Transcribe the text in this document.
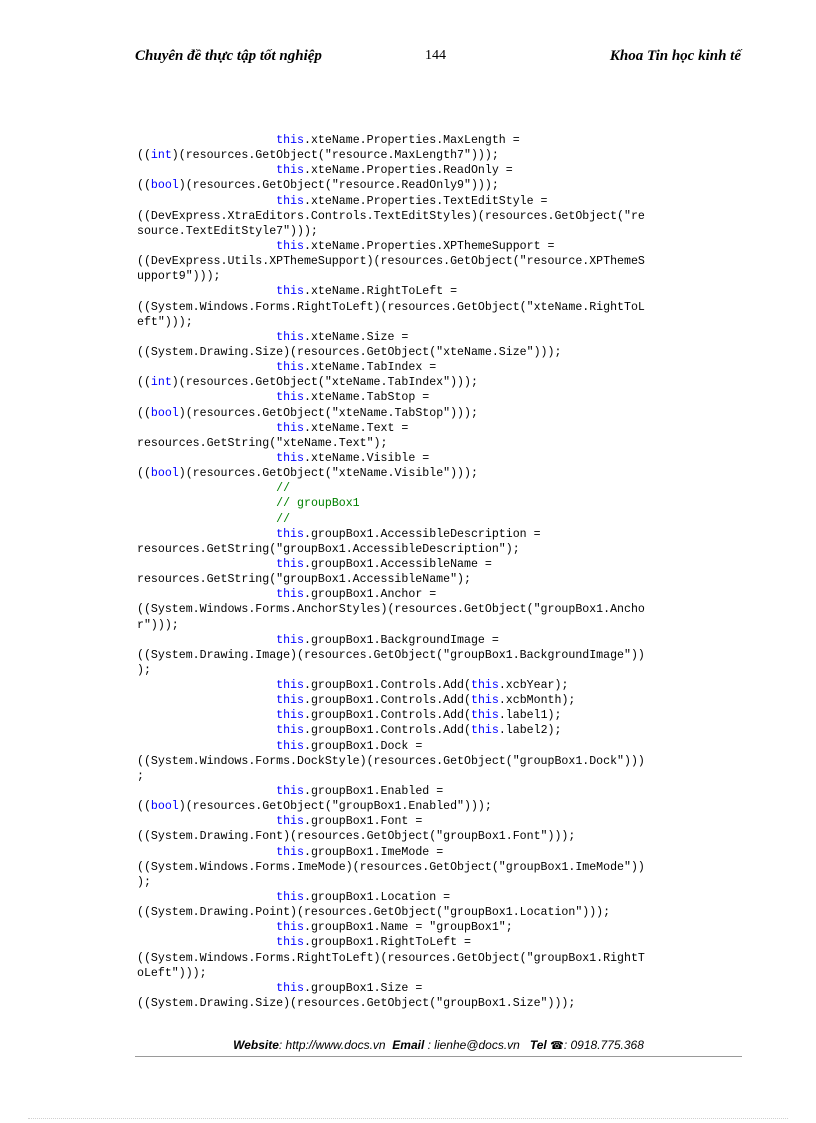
Chuyên đề thực tập tốt nghiệp	144	Khoa Tin học kinh tế
this.xteName.Properties.MaxLength =
((int)(resources.GetObject("resource.MaxLength7")));
this.xteName.Properties.ReadOnly =
((bool)(resources.GetObject("resource.ReadOnly9")));
this.xteName.Properties.TextEditStyle =
((DevExpress.XtraEditors.Controls.TextEditStyles)(resources.GetObject("re
source.TextEditStyle7")));
this.xteName.Properties.XPThemeSupport =
((DevExpress.Utils.XPThemeSupport)(resources.GetObject("resource.XPThemeS
upport9")));
this.xteName.RightToLeft =
((System.Windows.Forms.RightToLeft)(resources.GetObject("xteName.RightToL
eft")));
this.xteName.Size =
((System.Drawing.Size)(resources.GetObject("xteName.Size")));
this.xteName.TabIndex =
((int)(resources.GetObject("xteName.TabIndex")));
this.xteName.TabStop =
((bool)(resources.GetObject("xteName.TabStop")));
this.xteName.Text =
resources.GetString("xteName.Text");
this.xteName.Visible =
((bool)(resources.GetObject("xteName.Visible")));
//
// groupBox1
//
this.groupBox1.AccessibleDescription =
resources.GetString("groupBox1.AccessibleDescription");
this.groupBox1.AccessibleName =
resources.GetString("groupBox1.AccessibleName");
this.groupBox1.Anchor =
((System.Windows.Forms.AnchorStyles)(resources.GetObject("groupBox1.Ancho
r")));
this.groupBox1.BackgroundImage =
((System.Drawing.Image)(resources.GetObject("groupBox1.BackgroundImage"))
);
this.groupBox1.Controls.Add(this.xcbYear);
this.groupBox1.Controls.Add(this.xcbMonth);
this.groupBox1.Controls.Add(this.label1);
this.groupBox1.Controls.Add(this.label2);
this.groupBox1.Dock =
((System.Windows.Forms.DockStyle)(resources.GetObject("groupBox1.Dock")))
;
this.groupBox1.Enabled =
((bool)(resources.GetObject("groupBox1.Enabled")));
this.groupBox1.Font =
((System.Drawing.Font)(resources.GetObject("groupBox1.Font")));
this.groupBox1.ImeMode =
((System.Windows.Forms.ImeMode)(resources.GetObject("groupBox1.ImeMode"))
);
this.groupBox1.Location =
((System.Drawing.Point)(resources.GetObject("groupBox1.Location")));
this.groupBox1.Name = "groupBox1";
this.groupBox1.RightToLeft =
((System.Windows.Forms.RightToLeft)(resources.GetObject("groupBox1.RightT
oLeft")));
this.groupBox1.Size =
((System.Drawing.Size)(resources.GetObject("groupBox1.Size")));
Website: http://www.docs.vn Email : lienhe@docs.vn Tel ☎: 0918.775.368
